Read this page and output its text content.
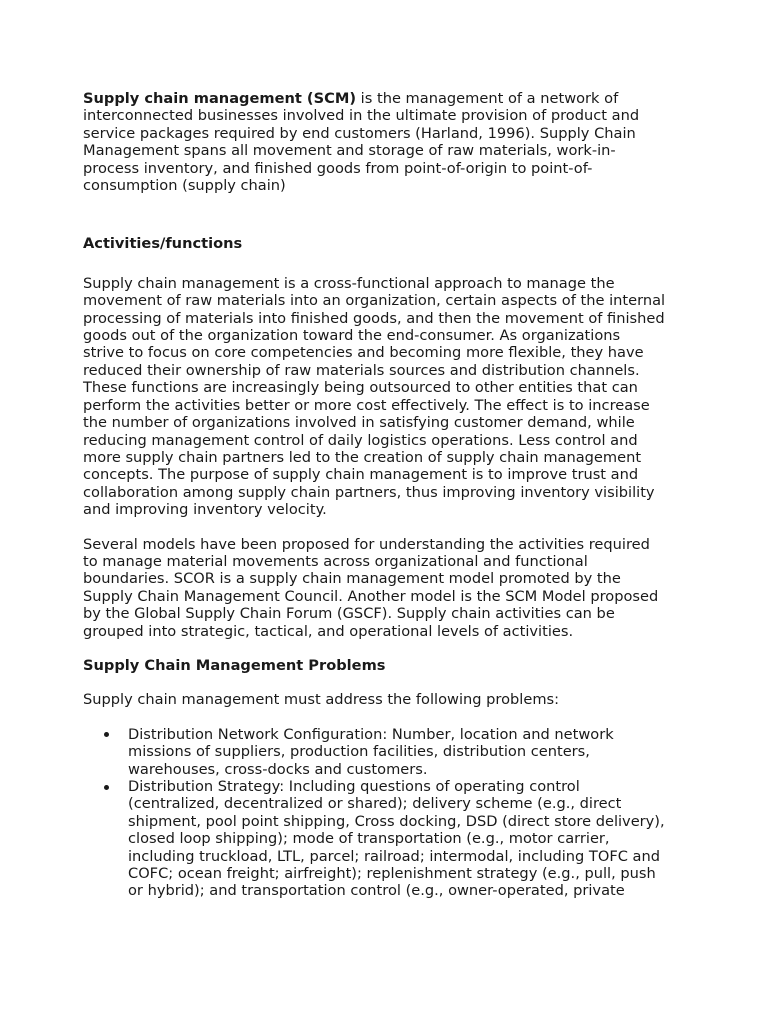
Supply chain management (SCM) is the management of a network of
interconnected businesses involved in the ultimate provision of product and
service packages required by end customers (Harland, 1996). Supply Chain
Management spans all movement and storage of raw materials, work-in-
process inventory, and finished goods from point-of-origin to point-of-
consumption (supply chain)

Activities/functions

Supply chain management is a cross-functional approach to manage the
movement of raw materials into an organization, certain aspects of the internal
processing of materials into finished goods, and then the movement of finished
goods out of the organization toward the end-consumer. As organizations
strive to focus on core competencies and becoming more flexible, they have
reduced their ownership of raw materials sources and distribution channels.
These functions are increasingly being outsourced to other entities that can
perform the activities better or more cost effectively. The effect is to increase
the number of organizations involved in satisfying customer demand, while
reducing management control of daily logistics operations. Less control and
more supply chain partners led to the creation of supply chain management
concepts. The purpose of supply chain management is to improve trust and
collaboration among supply chain partners, thus improving inventory visibility
and improving inventory velocity.

Several models have been proposed for understanding the activities required
to manage material movements across organizational and functional
boundaries. SCOR is a supply chain management model promoted by the
Supply Chain Management Council. Another model is the SCM Model proposed
by the Global Supply Chain Forum (GSCF). Supply chain activities can be
grouped into strategic, tactical, and operational levels of activities.

Supply Chain Management Problems

Supply chain management must address the following problems:

Distribution Network Configuration: Number, location and network
missions of suppliers, production facilities, distribution centers,
warehouses, cross-docks and customers.
Distribution Strategy: Including questions of operating control
(centralized, decentralized or shared); delivery scheme (e.g., direct
shipment, pool point shipping, Cross docking, DSD (direct store delivery),
closed loop shipping); mode of transportation (e.g., motor carrier,
including truckload, LTL, parcel; railroad; intermodal, including TOFC and
COFC; ocean freight; airfreight); replenishment strategy (e.g., pull, push
or hybrid); and transportation control (e.g., owner-operated, private
